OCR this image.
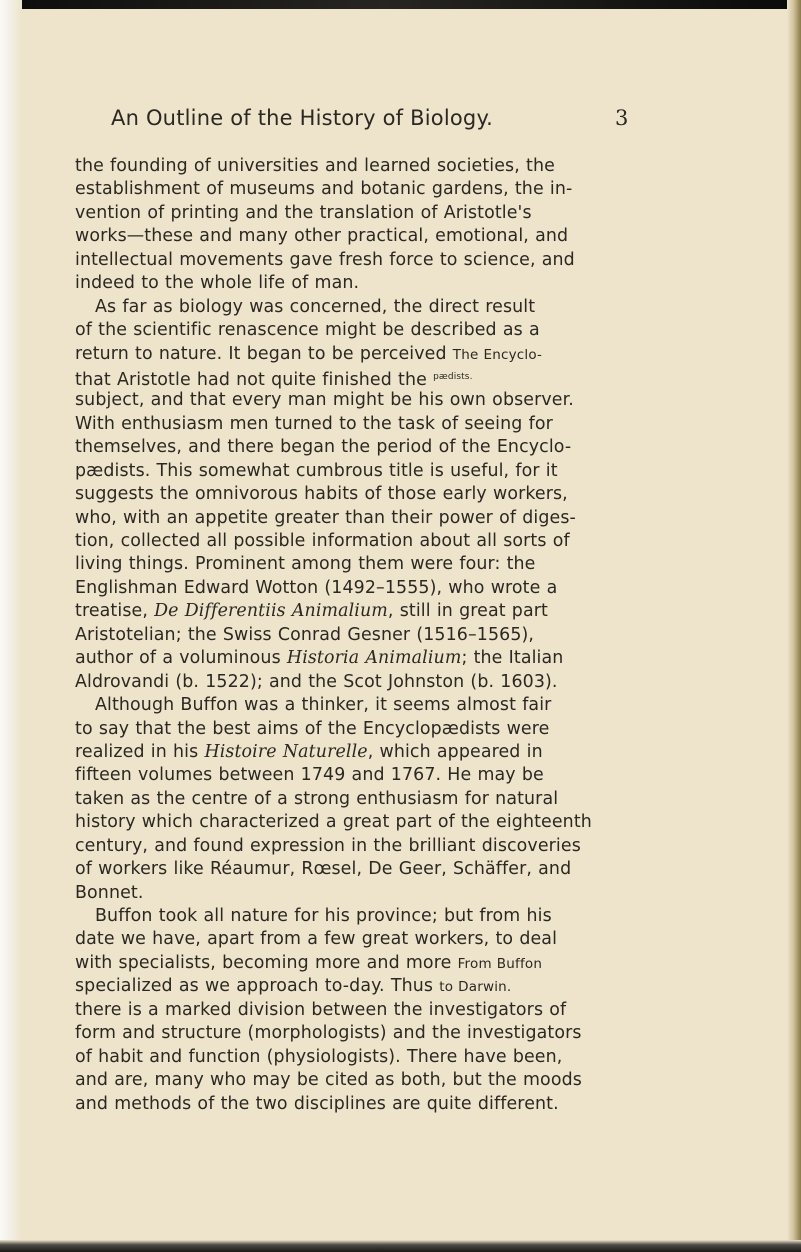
An Outline of the History of Biology.	3
the founding of universities and learned societies, the
establishment of museums and botanic gardens, the in-
vention of printing and the translation of Aristotle's
works—these and many other practical, emotional, and
intellectual movements gave fresh force to science, and
indeed to the whole life of man.
As far as biology was concerned, the direct result
of the scientific renascence might be described as a
return to nature. It began to be perceived The Encyclo-
that Aristotle had not quite finished the $^{pædists.}$
subject, and that every man might be his own observer.
With enthusiasm men turned to the task of seeing for
themselves, and there began the period of the Encyclo-
pædists. This somewhat cumbrous title is useful, for it
suggests the omnivorous habits of those early workers,
who, with an appetite greater than their power of diges-
tion, collected all possible information about all sorts of
living things. Prominent among them were four: the
Englishman Edward Wotton (1492–1555), who wrote a
treatise, De Differentiis Animalium, still in great part
Aristotelian; the Swiss Conrad Gesner (1516–1565),
author of a voluminous Historia Animalium; the Italian
Aldrovandi (b. 1522); and the Scot Johnston (b. 1603).
Although Buffon was a thinker, it seems almost fair
to say that the best aims of the Encyclopædists were
realized in his Histoire Naturelle, which appeared in
fifteen volumes between 1749 and 1767. He may be
taken as the centre of a strong enthusiasm for natural
history which characterized a great part of the eighteenth
century, and found expression in the brilliant discoveries
of workers like Réaumur, Rœsel, De Geer, Schäffer, and
Bonnet.
Buffon took all nature for his province; but from his
date we have, apart from a few great workers, to deal
with specialists, becoming more and more From Buffon
specialized as we approach to-day. Thus to Darwin.
there is a marked division between the investigators of
form and structure (morphologists) and the investigators
of habit and function (physiologists). There have been,
and are, many who may be cited as both, but the moods
and methods of the two disciplines are quite different.
